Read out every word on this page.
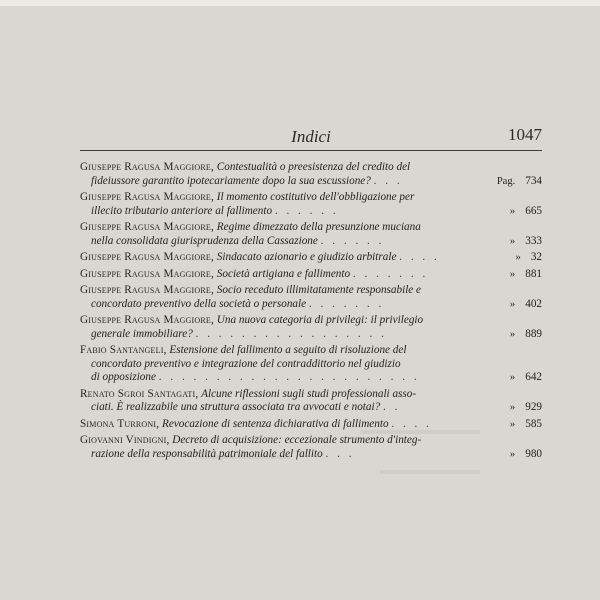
Indici	1047
Giuseppe Ragusa Maggiore, Contestualità o preesistenza del credito del
fideiussore garantito ipotecariamente dopo la sua escussione? . . .	Pag. 734
Giuseppe Ragusa Maggiore, Il momento costitutivo dell'obbligazione per
illecito tributario anteriore al fallimento . . . . . .	» 665
Giuseppe Ragusa Maggiore, Regime dimezzato della presunzione muciana
nella consolidata giurisprudenza della Cassazione . . . . . .	» 333
Giuseppe Ragusa Maggiore, Sindacato azionario e giudizio arbitrale . . . .	» 32
Giuseppe Ragusa Maggiore, Società artigiana e fallimento . . . . . . .	» 881
Giuseppe Ragusa Maggiore, Socio receduto illimitatamente responsabile e
concordato preventivo della società o personale . . . . . . .	» 402
Giuseppe Ragusa Maggiore, Una nuova categoria di privilegi: il privilegio
generale immobiliare? . . . . . . . . . . . . . . . . .	» 889
Fabio Santangeli, Estensione del fallimento a seguito di risoluzione del
concordato preventivo e integrazione del contraddittorio nel giudizio
di opposizione . . . . . . . . . . . . . . . . . . . . . . .	» 642
Renato Sgroi Santagati, Alcune riflessioni sugli studi professionali asso-
ciati. È realizzabile una struttura associata tra avvocati e notai? . .	» 929
Simona Turroni, Revocazione di sentenza dichiarativa di fallimento . . . .	» 585
Giovanni Vindigni, Decreto di acquisizione: eccezionale strumento d'integ-
razione della responsabilità patrimoniale del fallito . . .	» 980
